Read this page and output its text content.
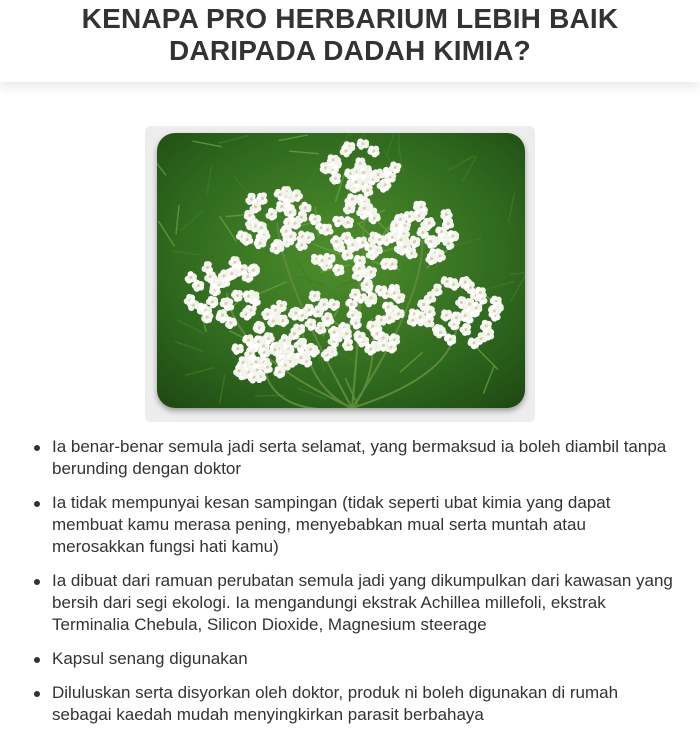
KENAPA PRO HERBARIUM LEBIH BAIK
DARIPADA DADAH KIMIA?
Ia benar-benar semula jadi serta selamat, yang bermaksud ia boleh diambil tanpa berunding dengan doktor
Ia tidak mempunyai kesan sampingan (tidak seperti ubat kimia yang dapat membuat kamu merasa pening, menyebabkan mual serta muntah atau merosakkan fungsi hati kamu)
Ia dibuat dari ramuan perubatan semula jadi yang dikumpulkan dari kawasan yang bersih dari segi ekologi. Ia mengandungi ekstrak Achillea millefoli, ekstrak Terminalia Chebula, Silicon Dioxide, Magnesium steerage
Kapsul senang digunakan
Diluluskan serta disyorkan oleh doktor, produk ni boleh digunakan di rumah sebagai kaedah mudah menyingkirkan parasit berbahaya
